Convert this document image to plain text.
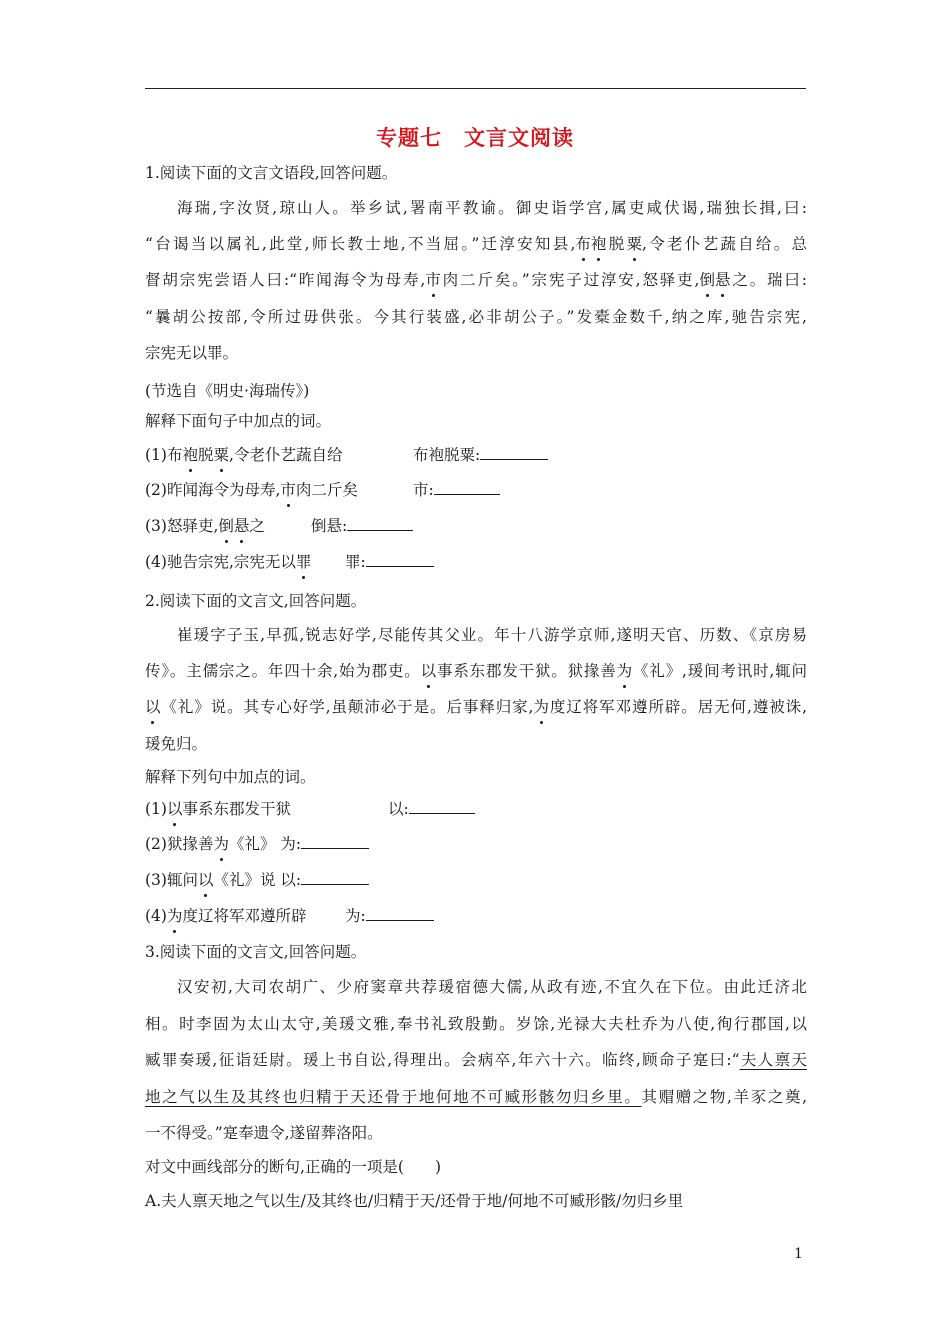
专题七　文言文阅读
1.阅读下面的文言文语段,回答问题。
海瑞,字汝贤,琼山人。举乡试,署南平教谕。御史诣学宫,属吏咸伏谒,瑞独长揖,曰:
“台谒当以属礼,此堂,师长教士地,不当屈。”迁淳安知县,布袍脱粟,令老仆艺蔬自给。总
督胡宗宪尝语人曰:“昨闻海令为母寿,市肉二斤矣。”宗宪子过淳安,怒驿吏,倒悬之。瑞曰:
“曩胡公按部,令所过毋供张。今其行装盛,必非胡公子。”发橐金数千,纳之库,驰告宗宪,
宗宪无以罪。
(节选自《明史·海瑞传》)
解释下面句子中加点的词。
(1)布袍脱粟,令老仆艺蔬自给	布袍脱粟:
(2)昨闻海令为母寿,市肉二斤矣	市:
(3)怒驿吏,倒悬之	倒悬:
(4)驰告宗宪,宗宪无以罪 罪:
2.阅读下面的文言文,回答问题。
崔瑗字子玉,早孤,锐志好学,尽能传其父业。年十八游学京师,遂明天官、历数、《京房易
传》。主儒宗之。年四十余,始为郡吏。以事系东郡发干狱。狱掾善为《礼》,瑗间考讯时,辄问
以《礼》说。其专心好学,虽颠沛必于是。后事释归家,为度辽将军邓遵所辟。居无何,遵被诛,
瑗免归。
解释下列句中加点的词。
(1)以事系东郡发干狱	以:
(2)狱掾善为《礼》 为:
(3)辄问以《礼》说 以:
(4)为度辽将军邓遵所辟 为:
3.阅读下面的文言文,回答问题。
汉安初,大司农胡广、少府窦章共荐瑗宿德大儒,从政有迹,不宜久在下位。由此迁济北
相。时李固为太山太守,美瑗文雅,奉书礼致殷勤。岁馀,光禄大夫杜乔为八使,徇行郡国,以
臧罪奏瑗,征诣廷尉。瑗上书自讼,得理出。会病卒,年六十六。临终,顾命子寔曰:“夫人禀天
地之气以生及其终也归精于天还骨于地何地不可臧形骸勿归乡里。其赗赠之物,羊豕之奠,
一不得受。”寔奉遗令,遂留葬洛阳。
对文中画线部分的断句,正确的一项是(　　)
A.夫人禀天地之气以生/及其终也/归精于天/还骨于地/何地不可臧形骸/勿归乡里
1
